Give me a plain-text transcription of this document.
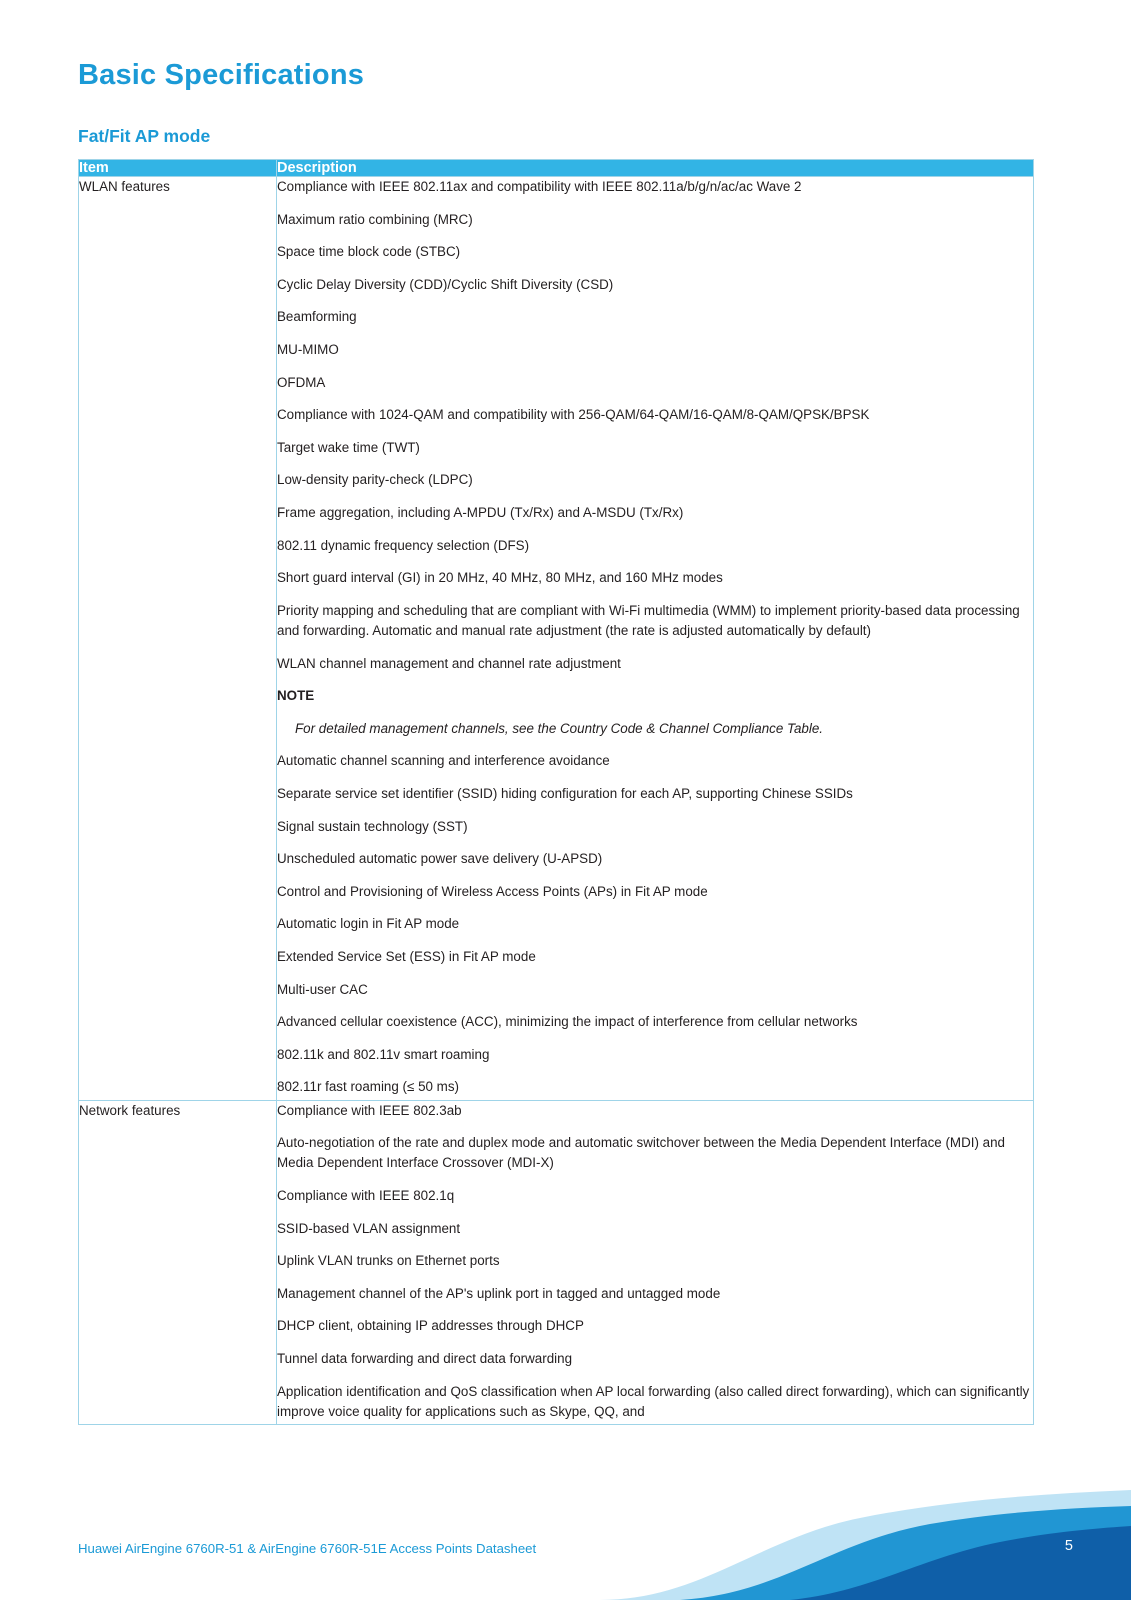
Basic Specifications
Fat/Fit AP mode
Item	Description
WLAN features	Compliance with IEEE 802.11ax and compatibility with IEEE 802.11a/b/g/n/ac/ac Wave 2
Maximum ratio combining (MRC)
Space time block code (STBC)
Cyclic Delay Diversity (CDD)/Cyclic Shift Diversity (CSD)
Beamforming
MU-MIMO
OFDMA
Compliance with 1024-QAM and compatibility with 256-QAM/64-QAM/16-QAM/8-QAM/QPSK/BPSK
Target wake time (TWT)
Low-density parity-check (LDPC)
Frame aggregation, including A-MPDU (Tx/Rx) and A-MSDU (Tx/Rx)
802.11 dynamic frequency selection (DFS)
Short guard interval (GI) in 20 MHz, 40 MHz, 80 MHz, and 160 MHz modes
Priority mapping and scheduling that are compliant with Wi-Fi multimedia (WMM) to implement priority-based data processing and forwarding. Automatic and manual rate adjustment (the rate is adjusted automatically by default)
WLAN channel management and channel rate adjustment
NOTE
For detailed management channels, see the Country Code & Channel Compliance Table.
Automatic channel scanning and interference avoidance
Separate service set identifier (SSID) hiding configuration for each AP, supporting Chinese SSIDs
Signal sustain technology (SST)
Unscheduled automatic power save delivery (U-APSD)
Control and Provisioning of Wireless Access Points (APs) in Fit AP mode
Automatic login in Fit AP mode
Extended Service Set (ESS) in Fit AP mode
Multi-user CAC
Advanced cellular coexistence (ACC), minimizing the impact of interference from cellular networks
802.11k and 802.11v smart roaming
802.11r fast roaming (≤ 50 ms)

Network features	Compliance with IEEE 802.3ab
Auto-negotiation of the rate and duplex mode and automatic switchover between the Media Dependent Interface (MDI) and Media Dependent Interface Crossover (MDI-X)
Compliance with IEEE 802.1q
SSID-based VLAN assignment
Uplink VLAN trunks on Ethernet ports
Management channel of the AP's uplink port in tagged and untagged mode
DHCP client, obtaining IP addresses through DHCP
Tunnel data forwarding and direct data forwarding
Application identification and QoS classification when AP local forwarding (also called direct forwarding), which can significantly improve voice quality for applications such as Skype, QQ, and
Huawei AirEngine 6760R-51 & AirEngine 6760R-51E Access Points Datasheet	5
